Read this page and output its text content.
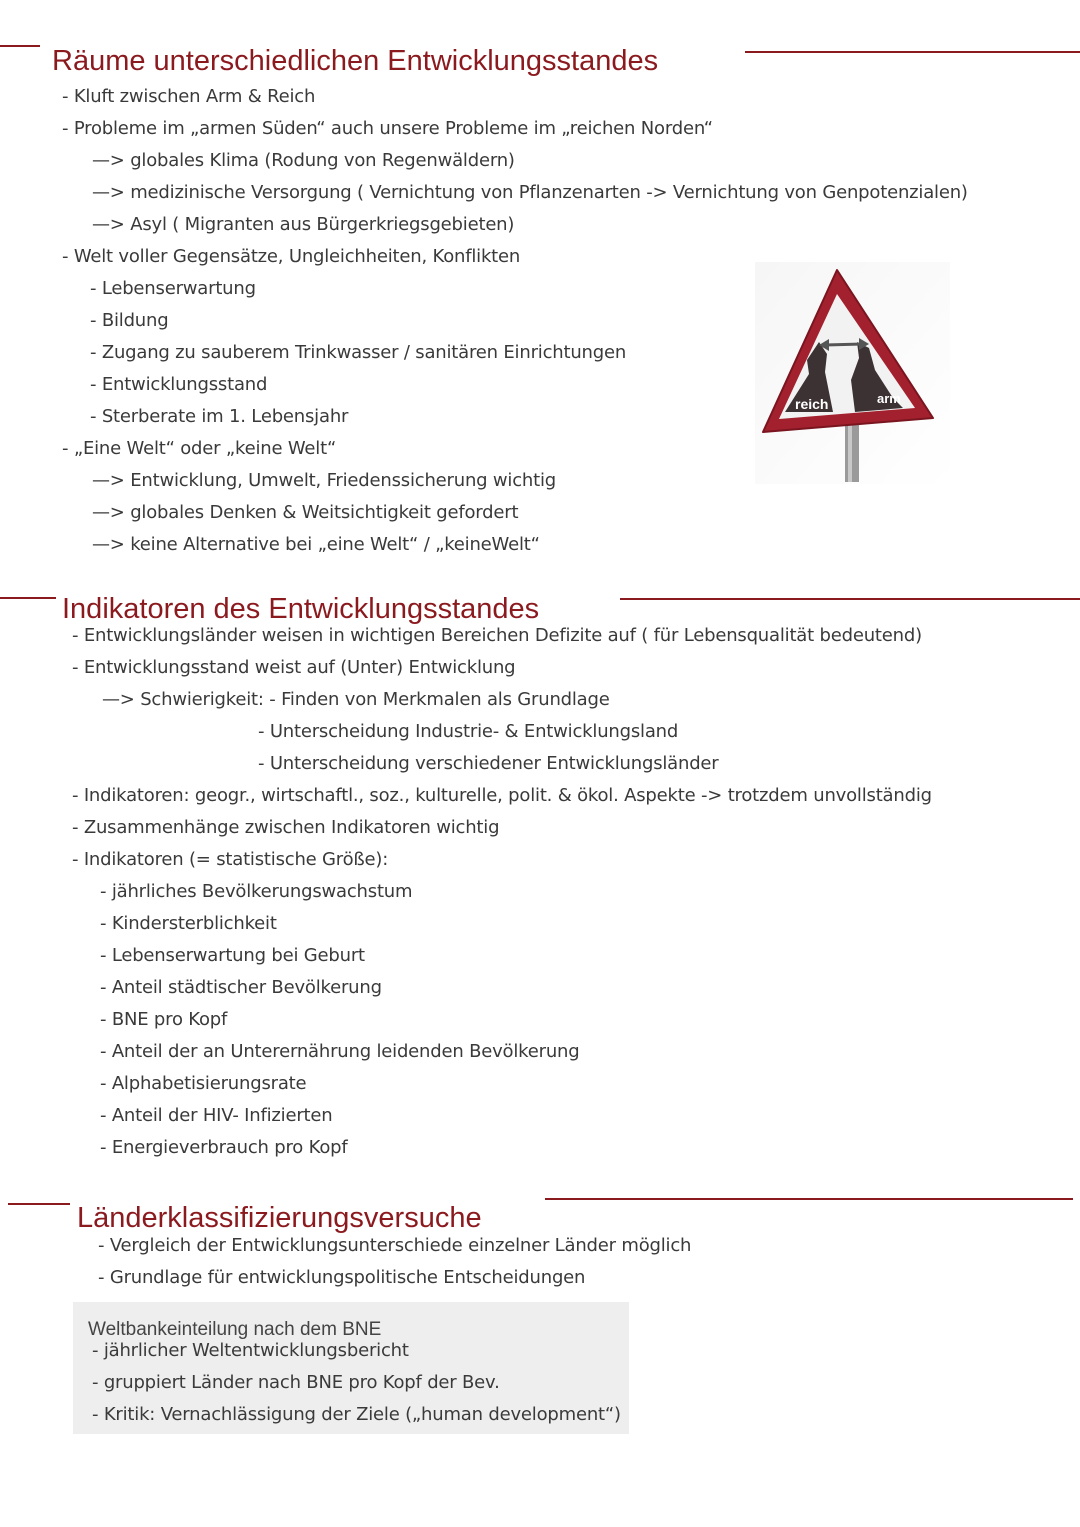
Räume unterschiedlichen Entwicklungsstandes
- Kluft zwischen Arm & Reich
- Probleme im „armen Süden“ auch unsere Probleme im „reichen Norden“
—> globales Klima (Rodung von Regenwäldern)
—> medizinische Versorgung ( Vernichtung von Pflanzenarten -> Vernichtung von Genpotenzialen)
—> Asyl ( Migranten aus Bürgerkriegsgebieten)
- Welt voller Gegensätze, Ungleichheiten, Konflikten
- Lebenserwartung
- Bildung
- Zugang zu sauberem Trinkwasser / sanitären Einrichtungen
- Entwicklungsstand
- Sterberate im 1. Lebensjahr
- „Eine Welt“ oder „keine Welt“
—> Entwicklung, Umwelt, Friedenssicherung wichtig
—> globales Denken & Weitsichtigkeit gefordert
—> keine Alternative bei „eine Welt“ / „keineWelt“
reich	arm
Indikatoren des Entwicklungsstandes
- Entwicklungsländer weisen in wichtigen Bereichen Defizite auf ( für Lebensqualität bedeutend)
- Entwicklungsstand weist auf (Unter) Entwicklung
—> Schwierigkeit: - Finden von Merkmalen als Grundlage
- Unterscheidung Industrie- & Entwicklungsland
- Unterscheidung verschiedener Entwicklungsländer
- Indikatoren: geogr., wirtschaftl., soz., kulturelle, polit. & ökol. Aspekte -> trotzdem unvollständig
- Zusammenhänge zwischen Indikatoren wichtig
- Indikatoren (= statistische Größe):
- jährliches Bevölkerungswachstum
- Kindersterblichkeit
- Lebenserwartung bei Geburt
- Anteil städtischer Bevölkerung
- BNE pro Kopf
- Anteil der an Unterernährung leidenden Bevölkerung
- Alphabetisierungsrate
- Anteil der HIV- Infizierten
- Energieverbrauch pro Kopf
Länderklassifizierungsversuche
- Vergleich der Entwicklungsunterschiede einzelner Länder möglich
- Grundlage für entwicklungspolitische Entscheidungen
Weltbankeinteilung nach dem BNE
- jährlicher Weltentwicklungsbericht
- gruppiert Länder nach BNE pro Kopf der Bev.
- Kritik: Vernachlässigung der Ziele („human development“)
